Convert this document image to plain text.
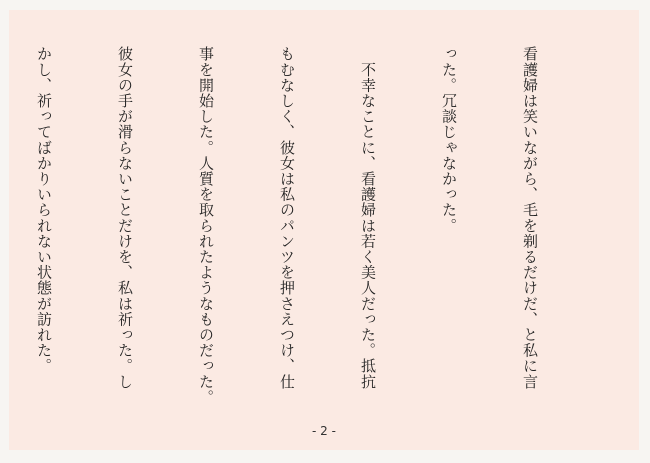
看護婦は笑いながら、毛を剃るだけだ、と私に言

った。冗談じゃなかった。

　不幸なことに、看護婦は若く美人だった。抵抗

もむなしく、彼女は私のパンツを押さえつけ、仕

事を開始した。人質を取られたようなものだった。

彼女の手が滑らないことだけを、私は祈った。し

かし、祈ってばかりいられない状態が訪れた。

- 2 -
